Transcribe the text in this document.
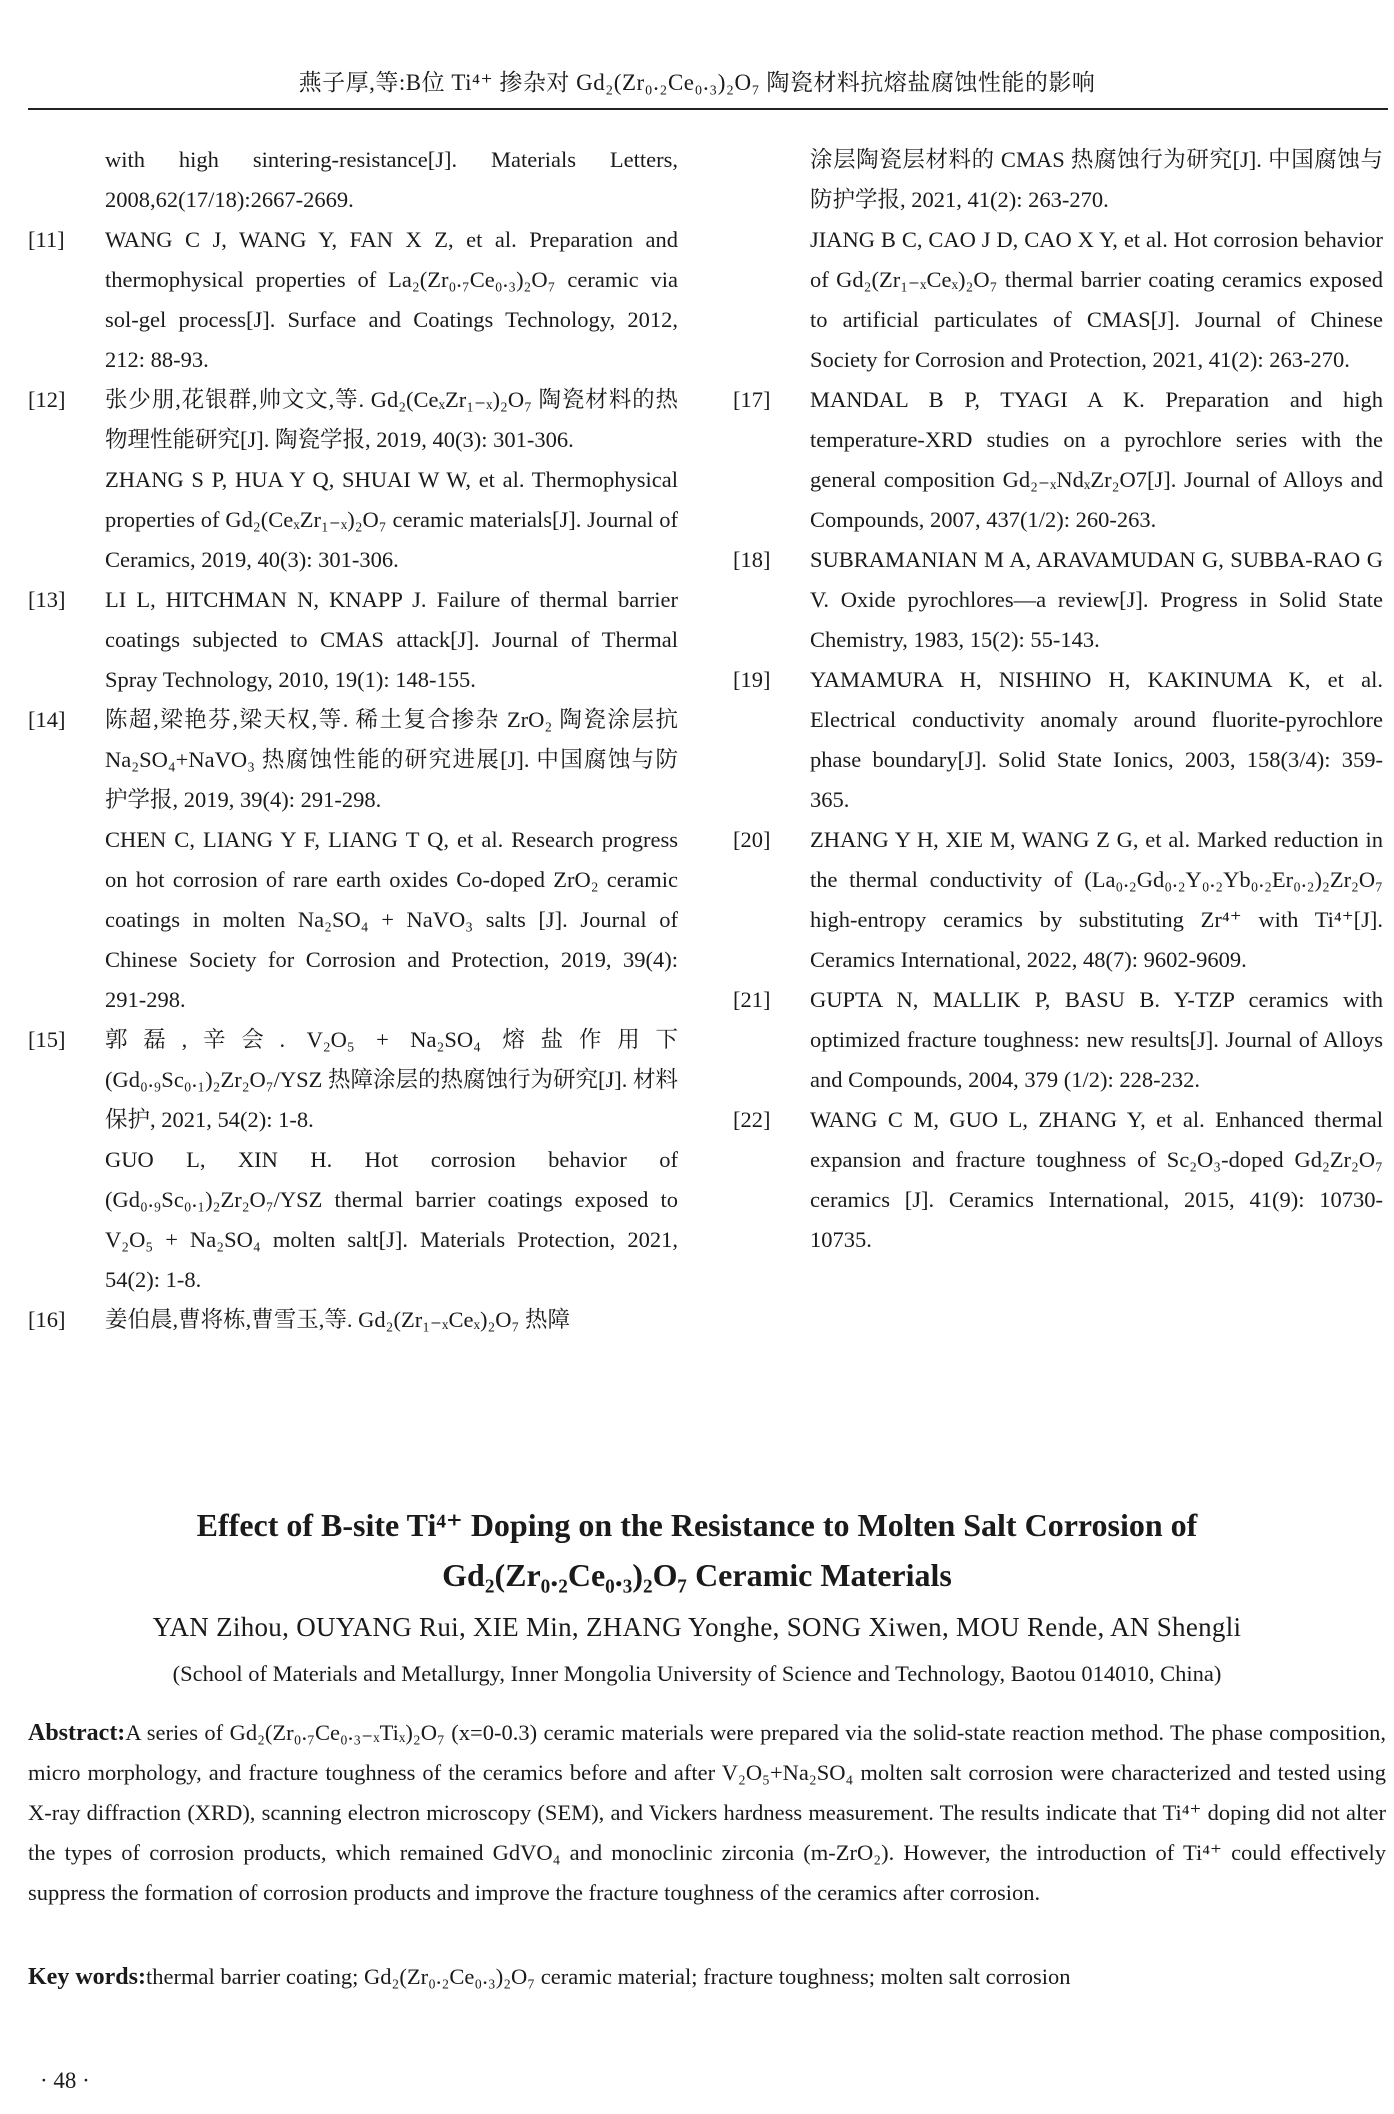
燕子厚,等:B位 Ti⁴⁺ 掺杂对 Gd₂(Zr₀.₂Ce₀.₃)₂O₇ 陶瓷材料抗熔盐腐蚀性能的影响
with high sintering-resistance[J]. Materials Letters, 2008,62(17/18):2667-2669.
[11] WANG C J, WANG Y, FAN X Z, et al. Preparation and thermophysical properties of La₂(Zr₀.₇Ce₀.₃)₂O₇ ceramic via sol-gel process[J]. Surface and Coatings Technology, 2012, 212: 88-93.
[12] 张少朋,花银群,帅文文,等. Gd₂(CeₓZr₁₋ₓ)₂O₇ 陶瓷材料的热物理性能研究[J]. 陶瓷学报, 2019, 40(3): 301-306.
ZHANG S P, HUA Y Q, SHUAI W W, et al. Thermophysical properties of Gd₂(CeₓZr₁₋ₓ)₂O₇ ceramic materials[J]. Journal of Ceramics, 2019, 40(3): 301-306.
[13] LI L, HITCHMAN N, KNAPP J. Failure of thermal barrier coatings subjected to CMAS attack[J]. Journal of Thermal Spray Technology, 2010, 19(1): 148-155.
[14] 陈超,梁艳芬,梁天权,等. 稀土复合掺杂 ZrO₂ 陶瓷涂层抗 Na₂SO₄+NaVO₃ 热腐蚀性能的研究进展[J]. 中国腐蚀与防护学报, 2019, 39(4): 291-298.
CHEN C, LIANG Y F, LIANG T Q, et al. Research progress on hot corrosion of rare earth oxides Co-doped ZrO₂ ceramic coatings in molten Na₂SO₄ + NaVO₃ salts [J]. Journal of Chinese Society for Corrosion and Protection, 2019, 39(4): 291-298.
[15] 郭磊,辛会. V₂O₅ + Na₂SO₄ 熔盐作用下(Gd₀.₉Sc₀.₁)₂Zr₂O₇/YSZ 热障涂层的热腐蚀行为研究[J]. 材料保护, 2021, 54(2): 1-8.
GUO L, XIN H. Hot corrosion behavior of (Gd₀.₉Sc₀.₁)₂Zr₂O₇/YSZ thermal barrier coatings exposed to V₂O₅ + Na₂SO₄ molten salt[J]. Materials Protection, 2021, 54(2): 1-8.
[16] 姜伯晨,曹将栋,曹雪玉,等. Gd₂(Zr₁₋ₓCeₓ)₂O₇ 热障
涂层陶瓷层材料的 CMAS 热腐蚀行为研究[J]. 中国腐蚀与防护学报, 2021, 41(2): 263-270.
JIANG B C, CAO J D, CAO X Y, et al. Hot corrosion behavior of Gd₂(Zr₁₋ₓCeₓ)₂O₇ thermal barrier coating ceramics exposed to artificial particulates of CMAS[J]. Journal of Chinese Society for Corrosion and Protection, 2021, 41(2): 263-270.
[17] MANDAL B P, TYAGI A K. Preparation and high temperature-XRD studies on a pyrochlore series with the general composition Gd₂₋ₓNdₓZr₂O7[J]. Journal of Alloys and Compounds, 2007, 437(1/2): 260-263.
[18] SUBRAMANIAN M A, ARAVAMUDAN G, SUBBA-RAO G V. Oxide pyrochlores—a review[J]. Progress in Solid State Chemistry, 1983, 15(2): 55-143.
[19] YAMAMURA H, NISHINO H, KAKINUMA K, et al. Electrical conductivity anomaly around fluorite-pyrochlore phase boundary[J]. Solid State Ionics, 2003, 158(3/4): 359-365.
[20] ZHANG Y H, XIE M, WANG Z G, et al. Marked reduction in the thermal conductivity of (La₀.₂Gd₀.₂Y₀.₂Yb₀.₂Er₀.₂)₂Zr₂O₇ high-entropy ceramics by substituting Zr⁴⁺ with Ti⁴⁺[J]. Ceramics International, 2022, 48(7): 9602-9609.
[21] GUPTA N, MALLIK P, BASU B. Y-TZP ceramics with optimized fracture toughness: new results[J]. Journal of Alloys and Compounds, 2004, 379 (1/2): 228-232.
[22] WANG C M, GUO L, ZHANG Y, et al. Enhanced thermal expansion and fracture toughness of Sc₂O₃-doped Gd₂Zr₂O₇ ceramics [J]. Ceramics International, 2015, 41(9): 10730-10735.
Effect of B-site Ti⁴⁺ Doping on the Resistance to Molten Salt Corrosion of
Gd₂(Zr₀.₂Ce₀.₃)₂O₇ Ceramic Materials
YAN Zihou, OUYANG Rui, XIE Min, ZHANG Yonghe, SONG Xiwen, MOU Rende, AN Shengli
(School of Materials and Metallurgy, Inner Mongolia University of Science and Technology, Baotou 014010, China)
Abstract:A series of Gd₂(Zr₀.₇Ce₀.₃₋ₓTiₓ)₂O₇ (x=0-0.3) ceramic materials were prepared via the solid-state reaction method. The phase composition, micro morphology, and fracture toughness of the ceramics before and after V₂O₅+Na₂SO₄ molten salt corrosion were characterized and tested using X-ray diffraction (XRD), scanning electron microscopy (SEM), and Vickers hardness measurement. The results indicate that Ti⁴⁺ doping did not alter the types of corrosion products, which remained GdVO₄ and monoclinic zirconia (m-ZrO₂). However, the introduction of Ti⁴⁺ could effectively suppress the formation of corrosion products and improve the fracture toughness of the ceramics after corrosion.
Key words:thermal barrier coating; Gd₂(Zr₀.₂Ce₀.₃)₂O₇ ceramic material; fracture toughness; molten salt corrosion
· 48 ·
